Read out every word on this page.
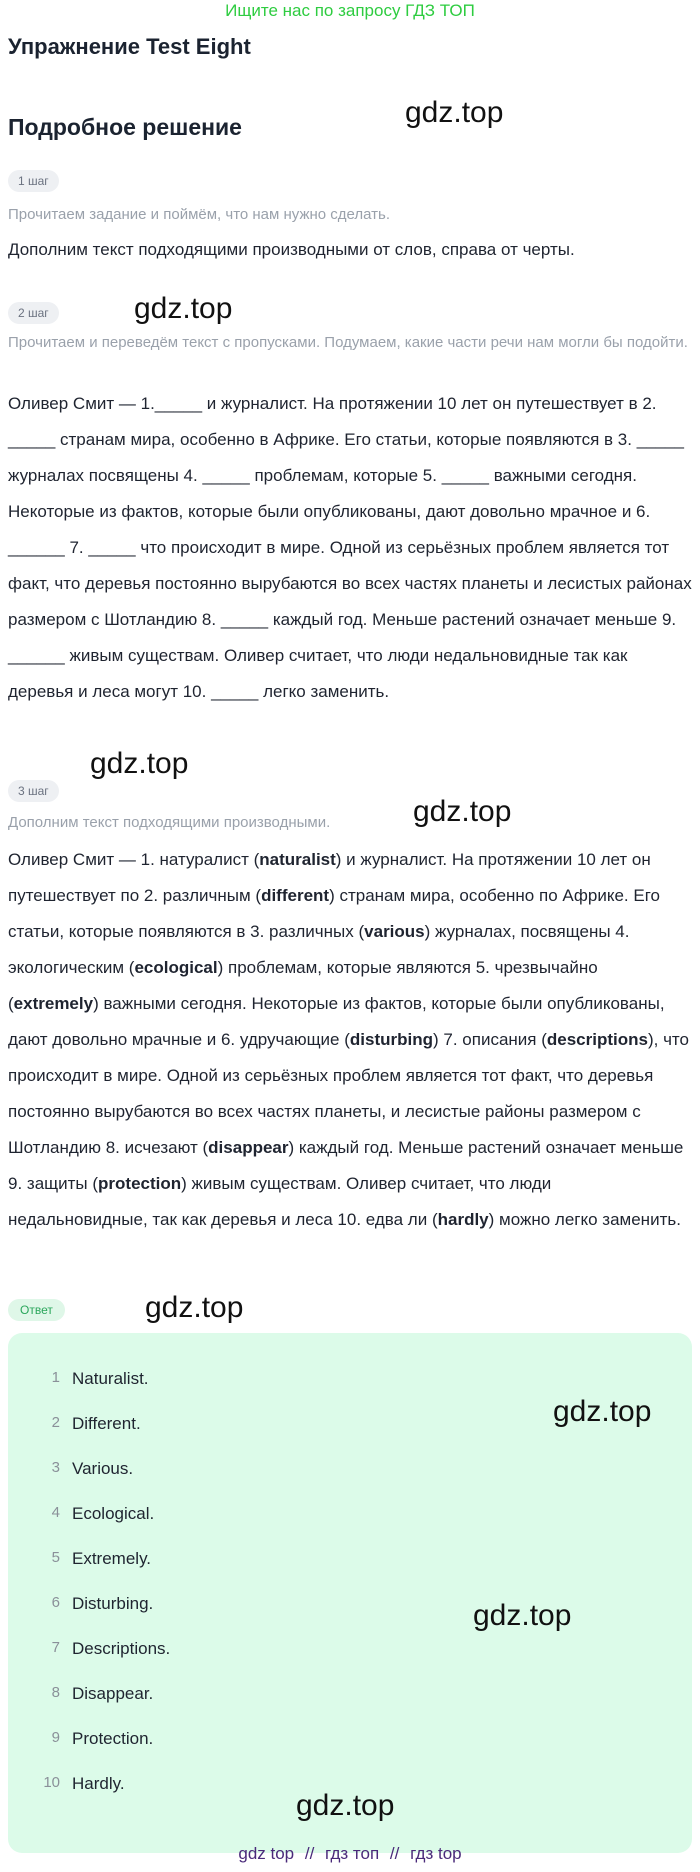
Ищите нас по запросу ГДЗ ТОП
Упражнение Test Eight
Подробное решение	gdz.top
gdz.top
gdz.top
gdz.top
gdz.top
1 шаг
Прочитаем задание и поймём, что нам нужно сделать.
Дополним текст подходящими производными от слов, справа от черты.
2 шаг
Прочитаем и переведём текст с пропусками. Подумаем, какие части речи нам могли бы подойти.
Оливер Смит — 1._____ и журналист. На протяжении 10 лет он путешествует в 2. _____ странам мира, особенно в Африке. Его статьи, которые появляются в 3. _____ журналах посвящены 4. _____ проблемам, которые 5. _____ важными сегодня. Некоторые из фактов, которые были опубликованы, дают довольно мрачное и 6. ______ 7. _____ что происходит в мире. Одной из серьёзных проблем является тот факт, что деревья постоянно вырубаются во всех частях планеты и лесистых районах размером с Шотландию 8. _____ каждый год. Меньше растений означает меньше 9. ______ живым существам. Оливер считает, что люди недальновидные так как деревья и леса могут 10. _____ легко заменить.
3 шаг
Дополним текст подходящими производными.
Оливер Смит — 1. натуралист (naturalist) и журналист. На протяжении 10 лет он путешествует по 2. различным (different) странам мира, особенно по Африке. Его статьи, которые появляются в 3. различных (various) журналах, посвящены 4. экологическим (ecological) проблемам, которые являются 5. чрезвычайно (extremely) важными сегодня. Некоторые из фактов, которые были опубликованы, дают довольно мрачные и 6. удручающие (disturbing) 7. описания (descriptions), что происходит в мире. Одной из серьёзных проблем является тот факт, что деревья постоянно вырубаются во всех частях планеты, и лесистые районы размером с Шотландию 8. исчезают (disappear) каждый год. Меньше растений означает меньше 9. защиты (protection) живым существам. Оливер считает, что люди недальновидные, так как деревья и леса 10. едва ли (hardly) можно легко заменить.
Ответ
1 Naturalist.
2 Different.
3 Various.
4 Ecological.
5 Extremely.
6 Disturbing.
7 Descriptions.
8 Disappear.
9 Protection.
10 Hardly.
gdz.top
gdz.top
gdz.top
gdz top // гдз топ // гдз top
